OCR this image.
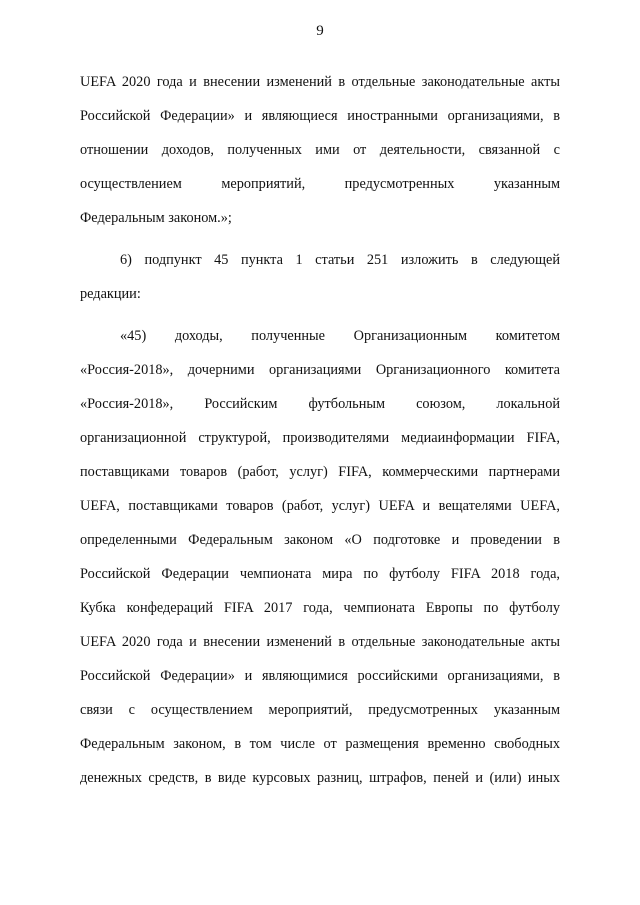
9
UEFA 2020 года и внесении изменений в отдельные законодательные акты
Российской Федерации» и являющиеся иностранными организациями, в
отношении доходов, полученных ими от деятельности, связанной с
осуществлением мероприятий, предусмотренных указанным
Федеральным законом.»;
6) подпункт 45 пункта 1 статьи 251 изложить в следующей
редакции:
«45) доходы, полученные Организационным комитетом
«Россия-2018», дочерними организациями Организационного комитета
«Россия-2018», Российским футбольным союзом, локальной
организационной структурой, производителями медиаинформации FIFA,
поставщиками товаров (работ, услуг) FIFA, коммерческими партнерами
UEFA, поставщиками товаров (работ, услуг) UEFA и вещателями UEFA,
определенными Федеральным законом «О подготовке и проведении в
Российской Федерации чемпионата мира по футболу FIFA 2018 года,
Кубка конфедераций FIFA 2017 года, чемпионата Европы по футболу
UEFA 2020 года и внесении изменений в отдельные законодательные акты
Российской Федерации» и являющимися российскими организациями, в
связи с осуществлением мероприятий, предусмотренных указанным
Федеральным законом, в том числе от размещения временно свободных
денежных средств, в виде курсовых разниц, штрафов, пеней и (или) иных
